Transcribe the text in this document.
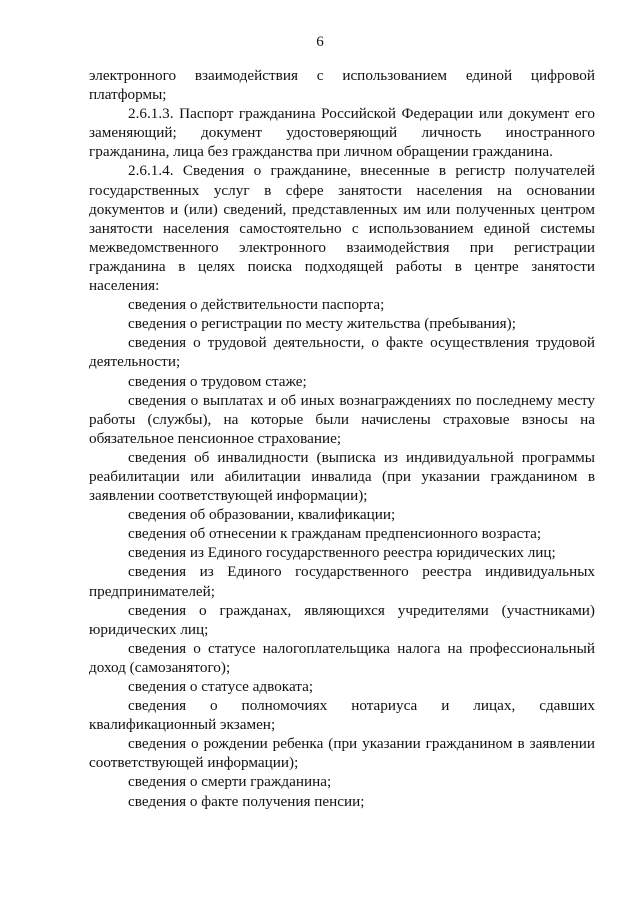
6

электронного взаимодействия с использованием единой цифровой платформы;

2.6.1.3. Паспорт гражданина Российской Федерации или документ его заменяющий; документ удостоверяющий личность иностранного гражданина, лица без гражданства при личном обращении гражданина.

2.6.1.4. Сведения о гражданине, внесенные в регистр получателей государственных услуг в сфере занятости населения на основании документов и (или) сведений, представленных им или полученных центром занятости населения самостоятельно с использованием единой системы межведомственного электронного взаимодействия при регистрации гражданина в целях поиска подходящей работы в центре занятости населения:

сведения о действительности паспорта;

сведения о регистрации по месту жительства (пребывания);

сведения о трудовой деятельности, о факте осуществления трудовой деятельности;

сведения о трудовом стаже;

сведения о выплатах и об иных вознаграждениях по последнему месту работы (службы), на которые были начислены страховые взносы на обязательное пенсионное страхование;

сведения об инвалидности (выписка из индивидуальной программы реабилитации или абилитации инвалида (при указании гражданином в заявлении соответствующей информации);

сведения об образовании, квалификации;

сведения об отнесении к гражданам предпенсионного возраста;

сведения из Единого государственного реестра юридических лиц;

сведения из Единого государственного реестра индивидуальных предпринимателей;

сведения о гражданах, являющихся учредителями (участниками) юридических лиц;

сведения о статусе налогоплательщика налога на профессиональный доход (самозанятого);

сведения о статусе адвоката;

сведения о полномочиях нотариуса и лицах, сдавших квалификационный экзамен;

сведения о рождении ребенка (при указании гражданином в заявлении соответствующей информации);

сведения о смерти гражданина;

сведения о факте получения пенсии;
